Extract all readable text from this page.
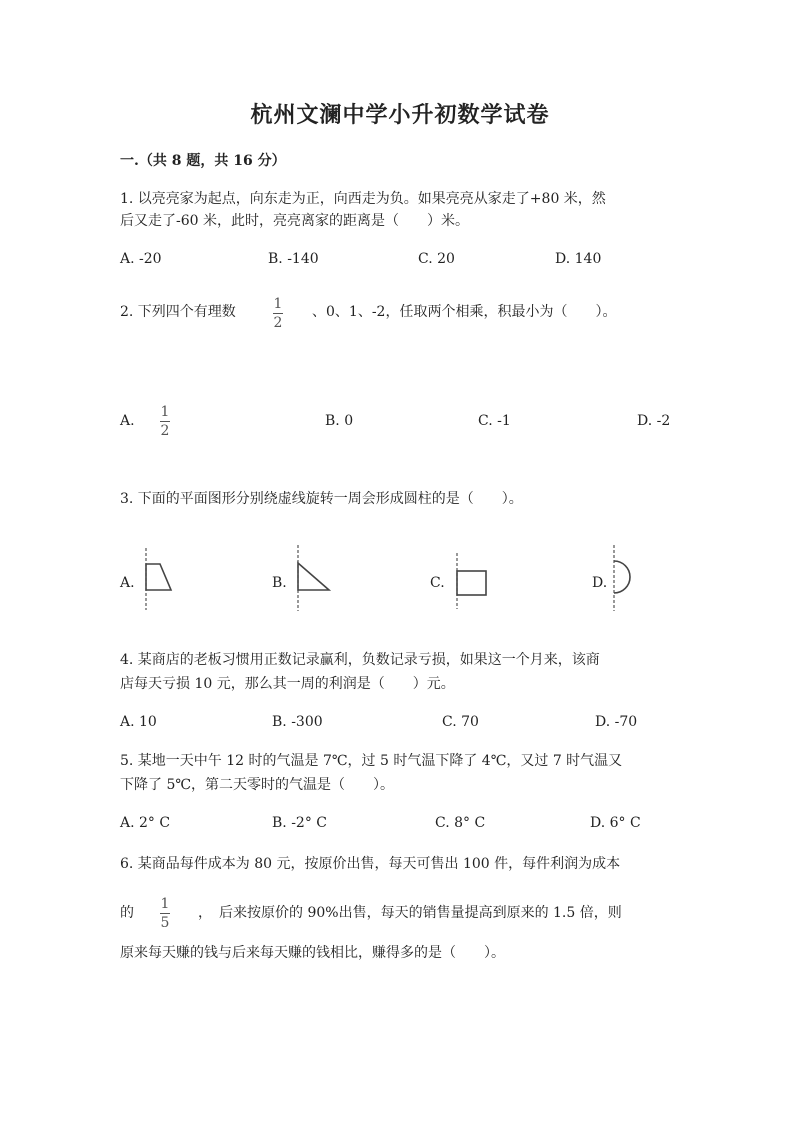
杭州文澜中学小升初数学试卷
一.（共 8 题，共 16 分）
1. 以亮亮家为起点，向东走为正，向西走为负。如果亮亮从家走了+80 米，然
后又走了-60 米，此时，亮亮离家的距离是（　　）米。
A. -20	B. -140	C. 20	D. 140
2. 下列四个有理数	1
2
、0、1、-2，任取两个相乘，积最小为（　　）。
A.
1
2
B. 0	C. -1	D. -2
3. 下面的平面图形分别绕虚线旋转一周会形成圆柱的是（　　）。
A.	B.	C.	D.
4. 某商店的老板习惯用正数记录赢利，负数记录亏损，如果这一个月来，该商
店每天亏损 10 元，那么其一周的利润是（　　）元。
A. 10	B. -300	C. 70	D. -70
5. 某地一天中午 12 时的气温是 7℃，过 5 时气温下降了 4℃，又过 7 时气温又
下降了 5℃，第二天零时的气温是（　　）。
A. 2° C	B. -2° C	C. 8° C	D. 6° C
6. 某商品每件成本为 80 元，按原价出售，每天可售出 100 件，每件利润为成本
的
1
5
，　后来按原价的 90%出售，每天的销售量提高到原来的 1.5 倍，则
原来每天赚的钱与后来每天赚的钱相比，赚得多的是（　　）。
